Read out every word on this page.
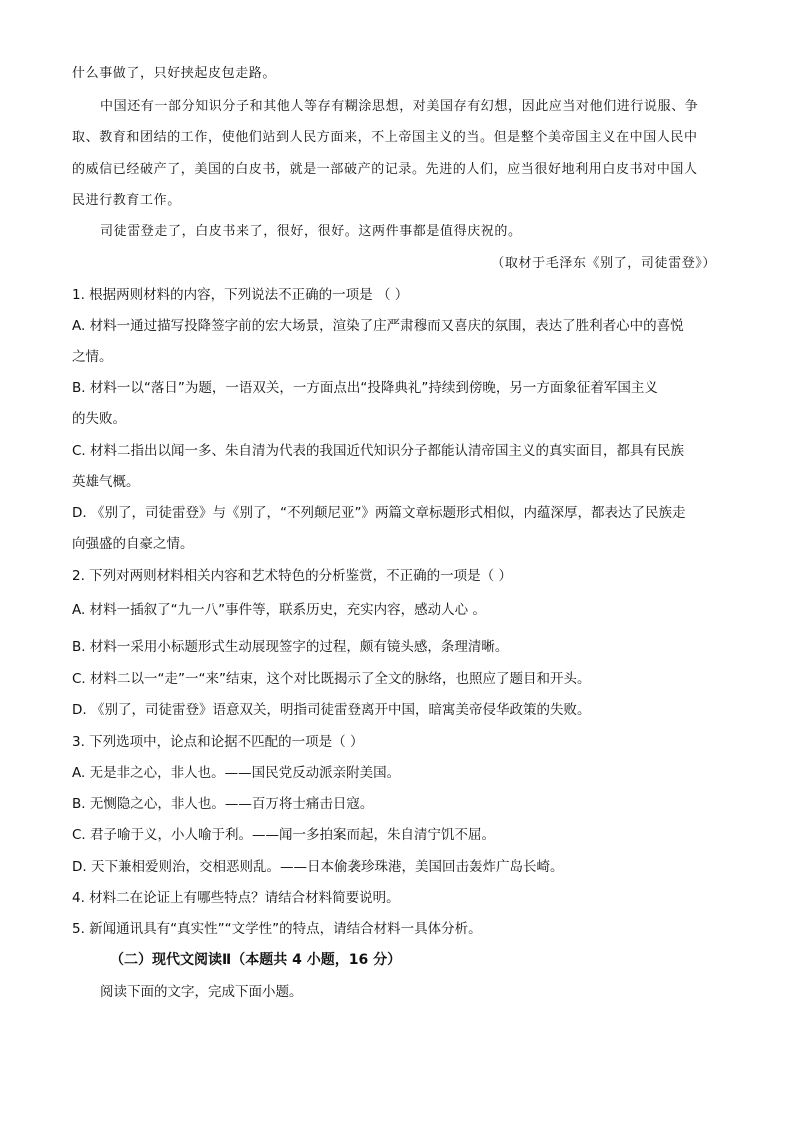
什么事做了，只好挟起皮包走路。
中国还有一部分知识分子和其他人等存有糊涂思想，对美国存有幻想，因此应当对他们进行说服、争
取、教育和团结的工作，使他们站到人民方面来，不上帝国主义的当。但是整个美帝国主义在中国人民中
的威信已经破产了，美国的白皮书，就是一部破产的记录。先进的人们，应当很好地利用白皮书对中国人
民进行教育工作。
司徒雷登走了，白皮书来了，很好，很好。这两件事都是值得庆祝的。
（取材于毛泽东《别了，司徒雷登》）
1. 根据两则材料的内容，下列说法不正确的一项是 （ ）
A. 材料一通过描写投降签字前的宏大场景，渲染了庄严肃穆而又喜庆的氛围，表达了胜利者心中的喜悦
之情。
B. 材料一以“落日”为题，一语双关，一方面点出“投降典礼”持续到傍晚，另一方面象征着军国主义
的失败。
C. 材料二指出以闻一多、朱自清为代表的我国近代知识分子都能认清帝国主义的真实面目，都具有民族
英雄气概。
D. 《别了，司徒雷登》与《别了，“不列颠尼亚”》两篇文章标题形式相似，内蕴深厚，都表达了民族走
向强盛的自豪之情。
2. 下列对两则材料相关内容和艺术特色的分析鉴赏，不正确的一项是（ ）
A. 材料一插叙了“九一八”事件等，联系历史，充实内容，感动人心 。
B. 材料一采用小标题形式生动展现签字的过程，颇有镜头感，条理清晰。
C. 材料二以一“走”一“来”结束，这个对比既揭示了全文的脉络，也照应了题目和开头。
D. 《别了，司徒雷登》语意双关，明指司徒雷登离开中国，暗寓美帝侵华政策的失败。
3. 下列选项中，论点和论据不匹配的一项是（ ）
A. 无是非之心，非人也。——国民党反动派亲附美国。
B. 无恻隐之心，非人也。——百万将士痛击日寇。
C. 君子喻于义，小人喻于利。——闻一多拍案而起，朱自清宁饥不屈。
D. 天下兼相爱则治，交相恶则乱。——日本偷袭珍珠港，美国回击轰炸广岛长崎。
4. 材料二在论证上有哪些特点？请结合材料简要说明。
5. 新闻通讯具有“真实性”“文学性”的特点，请结合材料一具体分析。
（二）现代文阅读Ⅱ（本题共 4 小题，16 分）
阅读下面的文字，完成下面小题。
